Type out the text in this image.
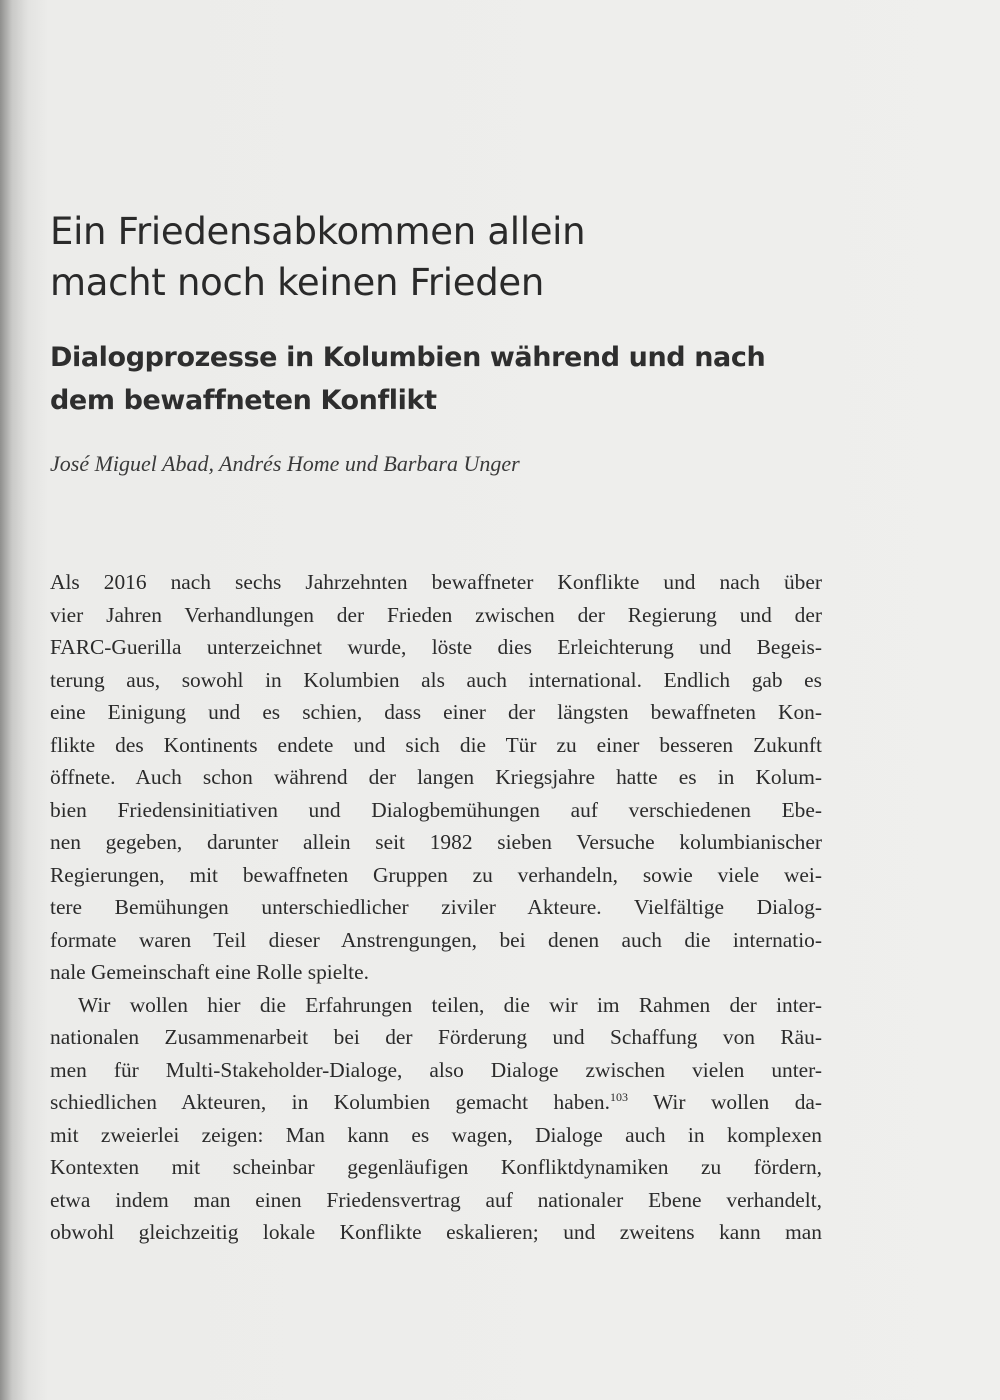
Ein Friedensabkommen allein
macht noch keinen Frieden
Dialogprozesse in Kolumbien während und nach
dem bewaffneten Konflikt

José Miguel Abad, Andrés Home und Barbara Unger

Als 2016 nach sechs Jahrzehnten bewaffneter Konflikte und nach über
vier Jahren Verhandlungen der Frieden zwischen der Regierung und der
FARC-Guerilla unterzeichnet wurde, löste dies Erleichterung und Begeis-
terung aus, sowohl in Kolumbien als auch international. Endlich gab es
eine Einigung und es schien, dass einer der längsten bewaffneten Kon-
flikte des Kontinents endete und sich die Tür zu einer besseren Zukunft
öffnete. Auch schon während der langen Kriegsjahre hatte es in Kolum-
bien Friedensinitiativen und Dialogbemühungen auf verschiedenen Ebe-
nen gegeben, darunter allein seit 1982 sieben Versuche kolumbianischer
Regierungen, mit bewaffneten Gruppen zu verhandeln, sowie viele wei-
tere Bemühungen unterschiedlicher ziviler Akteure. Vielfältige Dialog-
formate waren Teil dieser Anstrengungen, bei denen auch die internatio-
nale Gemeinschaft eine Rolle spielte.
Wir wollen hier die Erfahrungen teilen, die wir im Rahmen der inter-
nationalen Zusammenarbeit bei der Förderung und Schaffung von Räu-
men für Multi-Stakeholder-Dialoge, also Dialoge zwischen vielen unter-
schiedlichen Akteuren, in Kolumbien gemacht haben.$^{103}$ Wir wollen da-
mit zweierlei zeigen: Man kann es wagen, Dialoge auch in komplexen
Kontexten mit scheinbar gegenläufigen Konfliktdynamiken zu fördern,
etwa indem man einen Friedensvertrag auf nationaler Ebene verhandelt,
obwohl gleichzeitig lokale Konflikte eskalieren; und zweitens kann man
